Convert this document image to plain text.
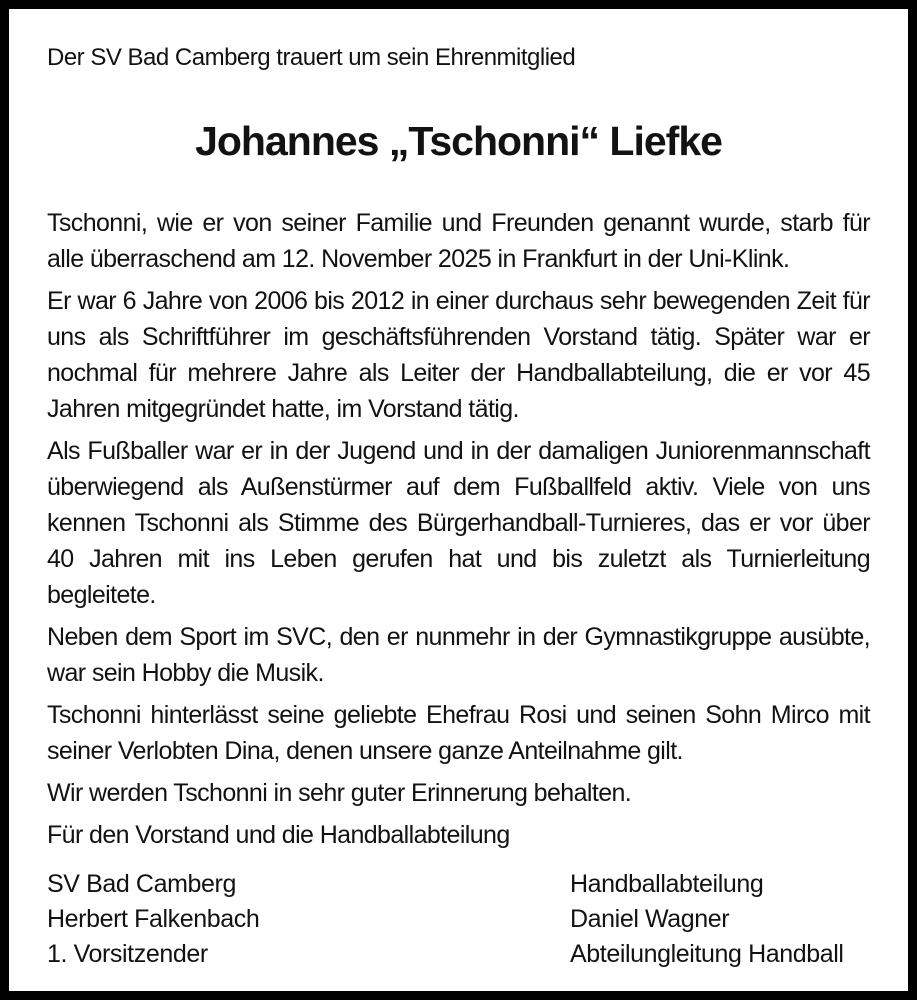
Der SV Bad Camberg trauert um sein Ehrenmitglied
Johannes „Tschonni“ Liefke

Tschonni, wie er von seiner Familie und Freunden genannt wurde, starb für alle überraschend am 12. November 2025 in Frankfurt in der Uni-Klink.

Er war 6 Jahre von 2006 bis 2012 in einer durchaus sehr bewegenden Zeit für uns als Schriftführer im geschäftsführenden Vorstand tätig. Später war er nochmal für mehrere Jahre als Leiter der Handballabteilung, die er vor 45 Jahren mitgegründet hatte, im Vorstand tätig.

Als Fußballer war er in der Jugend und in der damaligen Juniorenmannschaft überwiegend als Außenstürmer auf dem Fußballfeld aktiv. Viele von uns kennen Tschonni als Stimme des Bürgerhandball-Turnieres, das er vor über 40 Jahren mit ins Leben gerufen hat und bis zuletzt als Turnierleitung begleitete.

Neben dem Sport im SVC, den er nunmehr in der Gymnastikgruppe ausübte, war sein Hobby die Musik.

Tschonni hinterlässt seine geliebte Ehefrau Rosi und seinen Sohn Mirco mit seiner Verlobten Dina, denen unsere ganze Anteilnahme gilt.

Wir werden Tschonni in sehr guter Erinnerung behalten.

Für den Vorstand und die Handballabteilung

SV Bad Camberg
Herbert Falkenbach
1. Vorsitzender
Handballabteilung
Daniel Wagner
Abteilungleitung Handball
